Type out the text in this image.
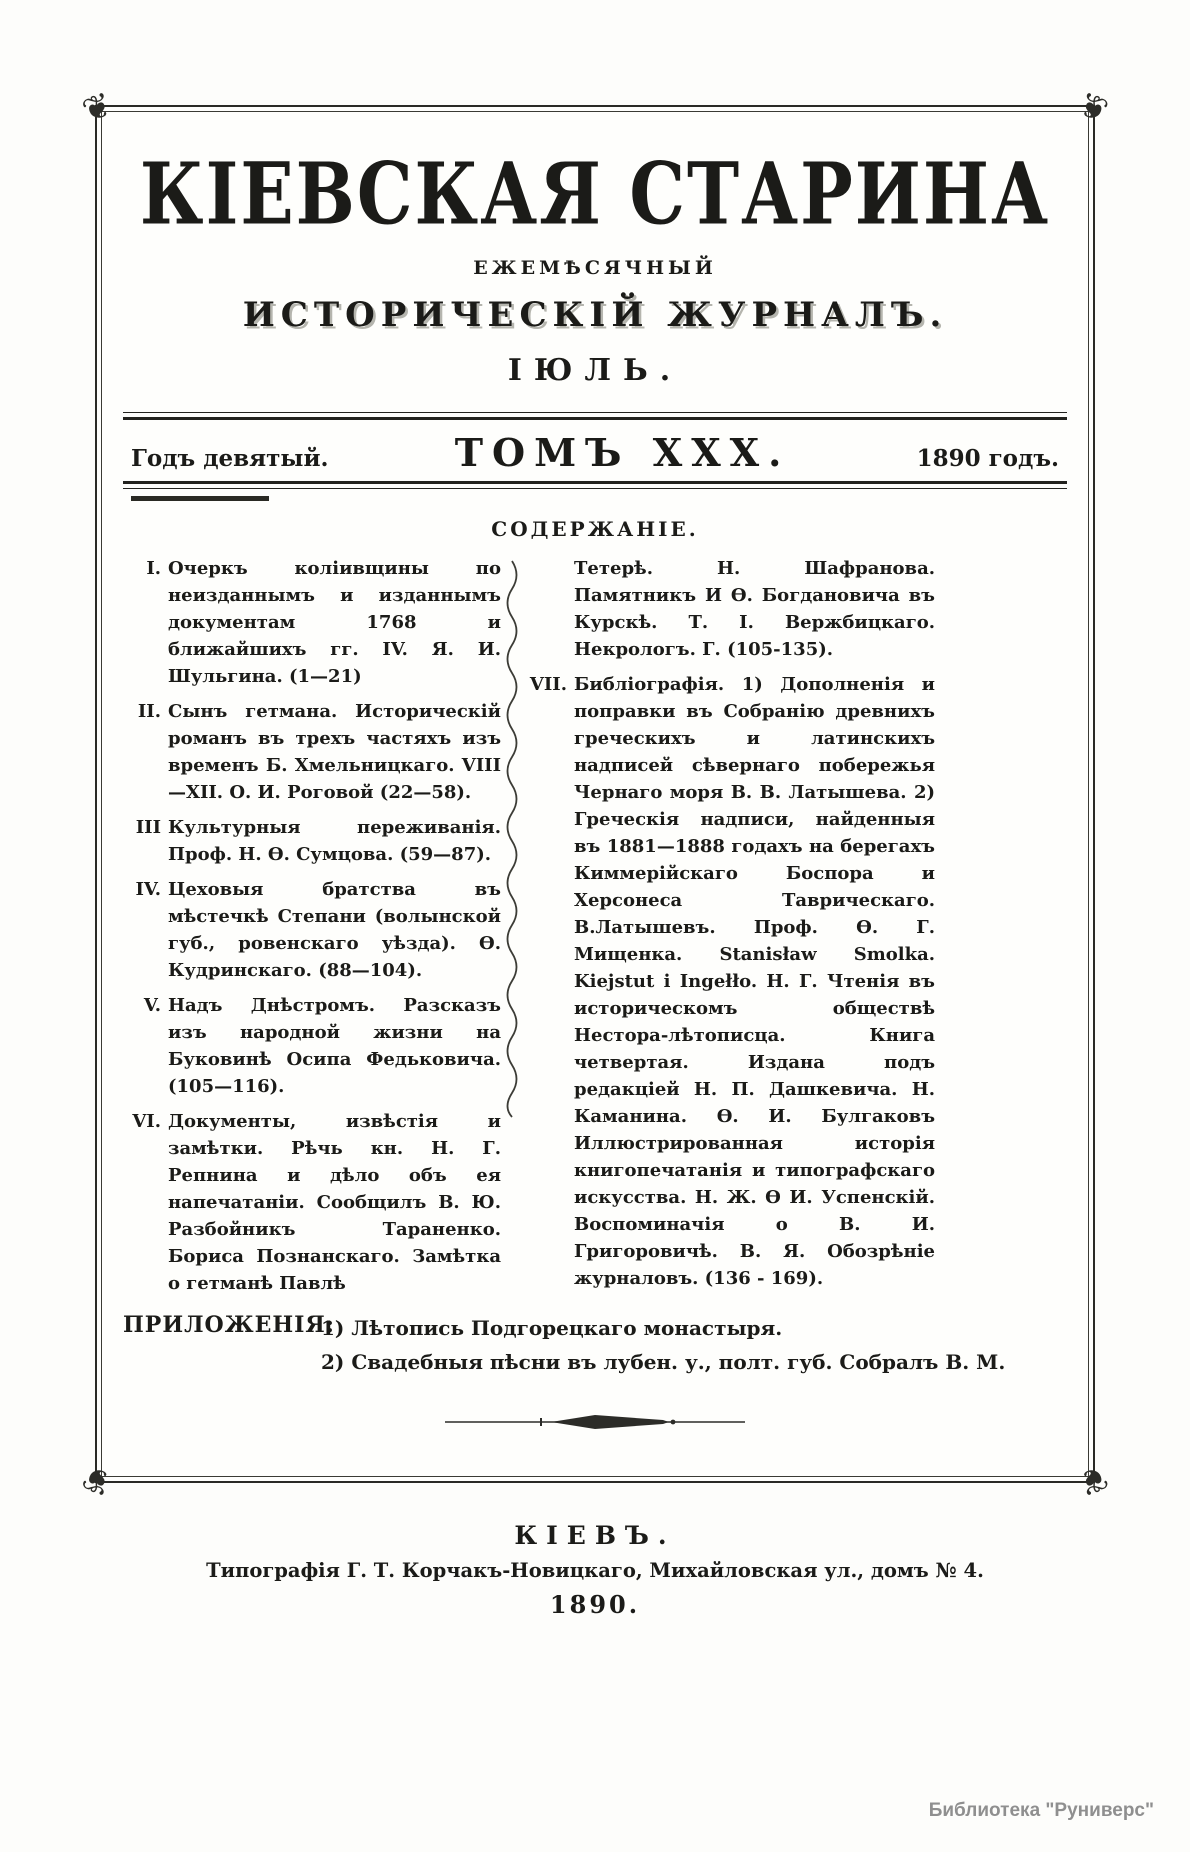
❦	❦
❦	❦
КІЕВСКАЯ СТАРИНА
ЕЖЕМѢСЯЧНЫЙ
ИСТОРИЧЕСКІЙ ЖУРНАЛЪ.
ІЮЛЬ.
Годъ девятый.	ТОМЪ XXX.	1890 годъ.
СОДЕРЖАНІЕ.
I. Очеркъ коліивщины по неизданнымъ и изданнымъ документам 1768 и ближайшихъ гг. IV. Я. И. Шульгина. (1—21)
II. Сынъ гетмана. Историческій романъ въ трехъ частяхъ изъ временъ Б. Хмельницкаго. VIII—XII. О. И. Роговой (22—58).
III Культурныя переживанія. Проф. Н. Ѳ. Сумцова. (59—87).
IV. Цеховыя братства въ мѣстечкѣ Степани (волынской губ., ровенскаго уѣзда). Ѳ. Кудринскаго. (88—104).
V. Надъ Днѣстромъ. Разсказъ изъ народной жизни на Буковинѣ Осипа Федьковича. (105—116).
VI. Документы, извѣстія и замѣтки. Рѣчь кн. Н. Г. Репнина и дѣло объ ея напечатаніи. Сообщилъ В. Ю. Разбойникъ Тараненко. Бориса Познанскаго. Замѣтка о гетманѣ Павлѣ
Тетерѣ. Н. Шафранова. Памятникъ И Ѳ. Богдановича въ Курскѣ. Т. І. Вержбицкаго. Некрологъ. Г. (105-135).
VII. Библіографія. 1) Дополненія и поправки въ Собранію древнихъ греческихъ и латинскихъ надписей сѣвернаго побережья Чернаго моря В. В. Латышева. 2) Греческія надписи, найденныя въ 1881—1888 годахъ на берегахъ Киммерійскаго Боспора и Херсонеса Таврическаго. В.Латышевъ. Проф. Ѳ. Г. Мищенка. Stanisław Smolka. Kiejstut i Ingełło. Н. Г. Чтенія въ историческомъ обществѣ Нестора-лѣтописца. Книга четвертая. Издана подъ редакціей Н. П. Дашкевича. Н. Каманина. Ѳ. И. Булгаковъ Иллюстрированная исторія книгопечатанія и типографскаго искусства. Н. Ж. Ѳ И. Успенскій. Воспоминачія о В. И. Григоровичѣ. В. Я. Обозрѣніе журналовъ. (136 - 169).
ПРИЛОЖЕНІЯ:
1) Лѣтопись Подгорецкаго монастыря.
2) Свадебныя пѣсни въ лубен. у., полт. губ. Собралъ В. М.
КІЕВЪ.
Типографія Г. Т. Корчакъ-Новицкаго, Михайловская ул., домъ № 4.
1890.
Библиотека "Руниверс"
